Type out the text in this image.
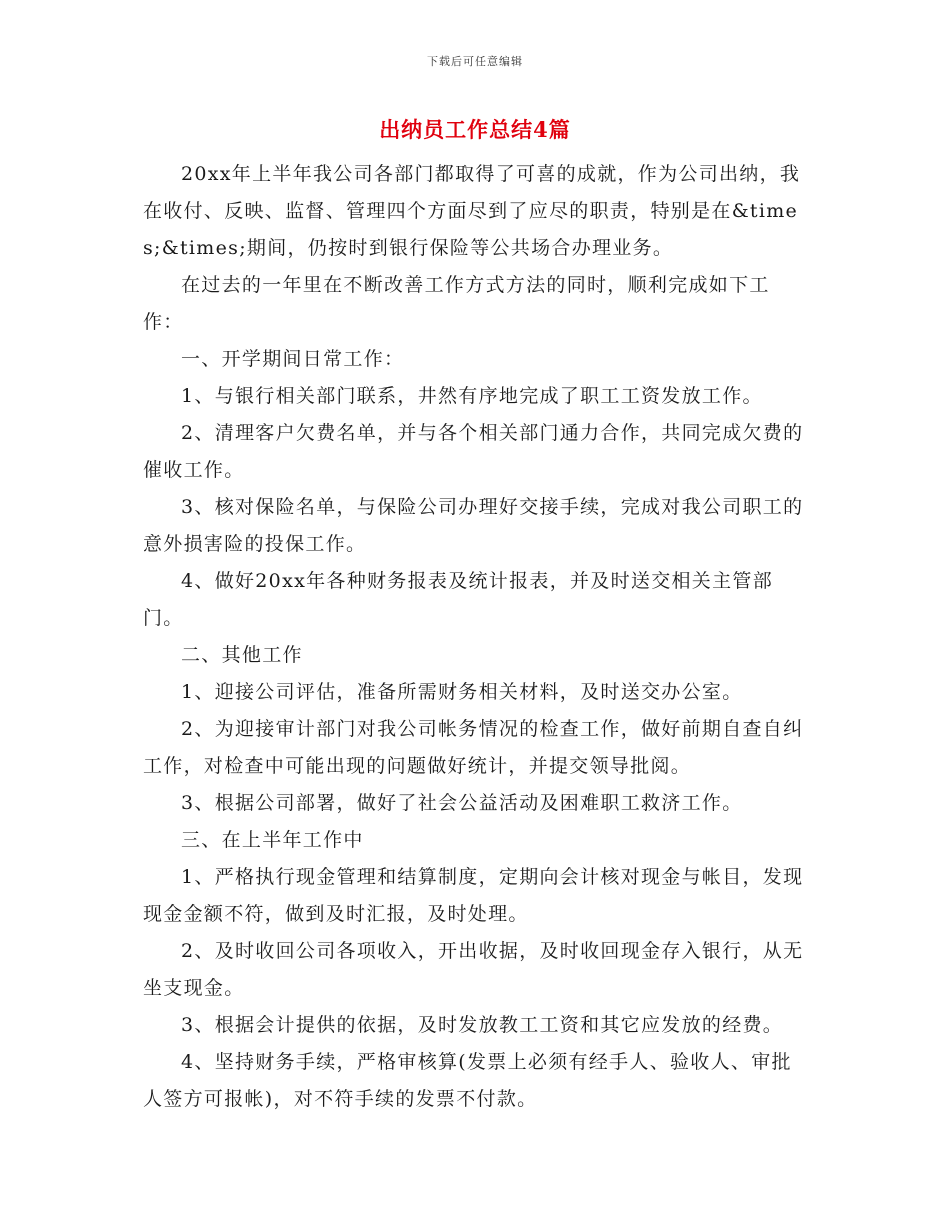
下载后可任意编辑
出纳员工作总结4篇

20xx年上半年我公司各部门都取得了可喜的成就，作为公司出纳，我在收付、反映、监督、管理四个方面尽到了应尽的职责，特别是在&times;&times;期间，仍按时到银行保险等公共场合办理业务。

在过去的一年里在不断改善工作方式方法的同时，顺利完成如下工作：

一、开学期间日常工作：

1、与银行相关部门联系，井然有序地完成了职工工资发放工作。

2、清理客户欠费名单，并与各个相关部门通力合作，共同完成欠费的催收工作。

3、核对保险名单，与保险公司办理好交接手续，完成对我公司职工的意外损害险的投保工作。

4、做好20xx年各种财务报表及统计报表，并及时送交相关主管部门。

二、其他工作

1、迎接公司评估，准备所需财务相关材料，及时送交办公室。

2、为迎接审计部门对我公司帐务情况的检查工作，做好前期自查自纠工作，对检查中可能出现的问题做好统计，并提交领导批阅。

3、根据公司部署，做好了社会公益活动及困难职工救济工作。

三、在上半年工作中

1、严格执行现金管理和结算制度，定期向会计核对现金与帐目，发现现金金额不符，做到及时汇报，及时处理。

2、及时收回公司各项收入，开出收据，及时收回现金存入银行，从无坐支现金。

3、根据会计提供的依据，及时发放教工工资和其它应发放的经费。

4、坚持财务手续，严格审核算(发票上必须有经手人、验收人、审批人签方可报帐)，对不符手续的发票不付款。
